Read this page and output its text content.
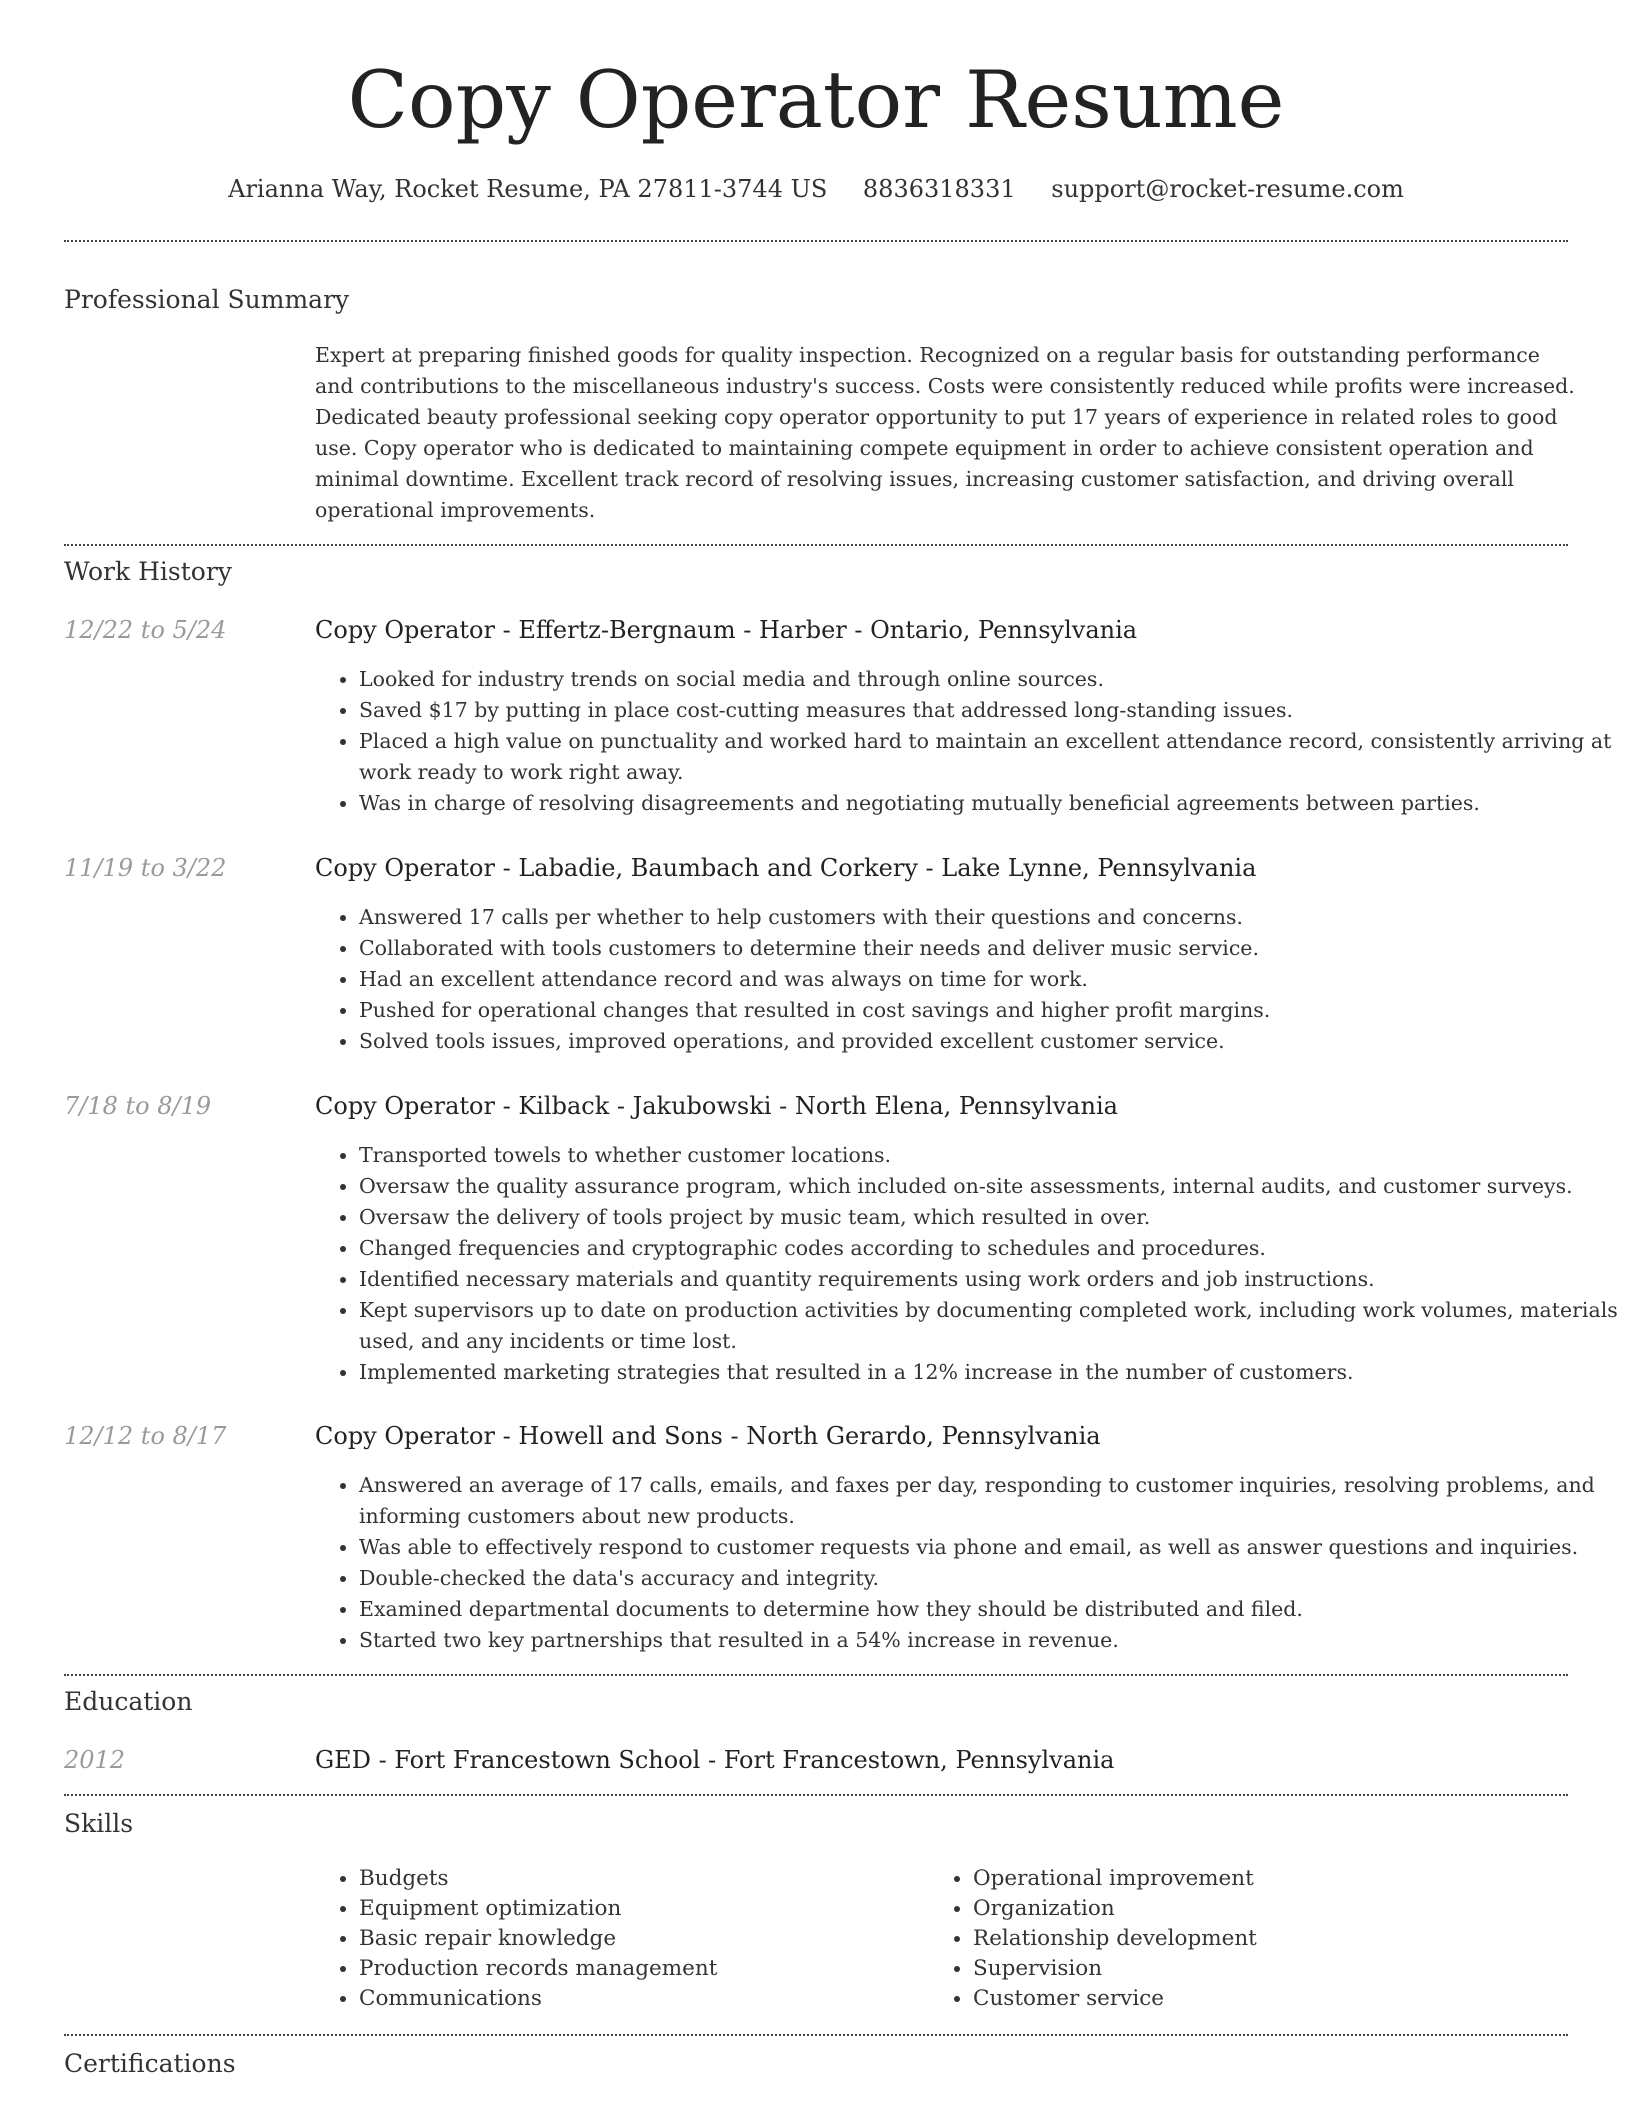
Copy Operator Resume
Arianna Way, Rocket Resume, PA 27811-3744 US 8836318331 support@rocket-resume.com
Professional Summary
Expert at preparing finished goods for quality inspection. Recognized on a regular basis for outstanding performance and contributions to the miscellaneous industry's success. Costs were consistently reduced while profits were increased. Dedicated beauty professional seeking copy operator opportunity to put 17 years of experience in related roles to good use. Copy operator who is dedicated to maintaining compete equipment in order to achieve consistent operation and minimal downtime. Excellent track record of resolving issues, increasing customer satisfaction, and driving overall operational improvements.
Work History
12/22 to 5/24	Copy Operator - Effertz-Bergnaum - Harber - Ontario, Pennsylvania
• Looked for industry trends on social media and through online sources.
• Saved $17 by putting in place cost-cutting measures that addressed long-standing issues.
• Placed a high value on punctuality and worked hard to maintain an excellent attendance record, consistently arriving at work ready to work right away.
• Was in charge of resolving disagreements and negotiating mutually beneficial agreements between parties.
11/19 to 3/22	Copy Operator - Labadie, Baumbach and Corkery - Lake Lynne, Pennsylvania
• Answered 17 calls per whether to help customers with their questions and concerns.
• Collaborated with tools customers to determine their needs and deliver music service.
• Had an excellent attendance record and was always on time for work.
• Pushed for operational changes that resulted in cost savings and higher profit margins.
• Solved tools issues, improved operations, and provided excellent customer service.
7/18 to 8/19	Copy Operator - Kilback - Jakubowski - North Elena, Pennsylvania
• Transported towels to whether customer locations.
• Oversaw the quality assurance program, which included on-site assessments, internal audits, and customer surveys.
• Oversaw the delivery of tools project by music team, which resulted in over.
• Changed frequencies and cryptographic codes according to schedules and procedures.
• Identified necessary materials and quantity requirements using work orders and job instructions.
• Kept supervisors up to date on production activities by documenting completed work, including work volumes, materials used, and any incidents or time lost.
• Implemented marketing strategies that resulted in a 12% increase in the number of customers.
12/12 to 8/17	Copy Operator - Howell and Sons - North Gerardo, Pennsylvania
• Answered an average of 17 calls, emails, and faxes per day, responding to customer inquiries, resolving problems, and informing customers about new products.
• Was able to effectively respond to customer requests via phone and email, as well as answer questions and inquiries.
• Double-checked the data's accuracy and integrity.
• Examined departmental documents to determine how they should be distributed and filed.
• Started two key partnerships that resulted in a 54% increase in revenue.
Education
2012	GED - Fort Francestown School - Fort Francestown, Pennsylvania
Skills
• Budgets
• Equipment optimization
• Basic repair knowledge
• Production records management
• Communications
• Operational improvement
• Organization
• Relationship development
• Supervision
• Customer service
Certifications
